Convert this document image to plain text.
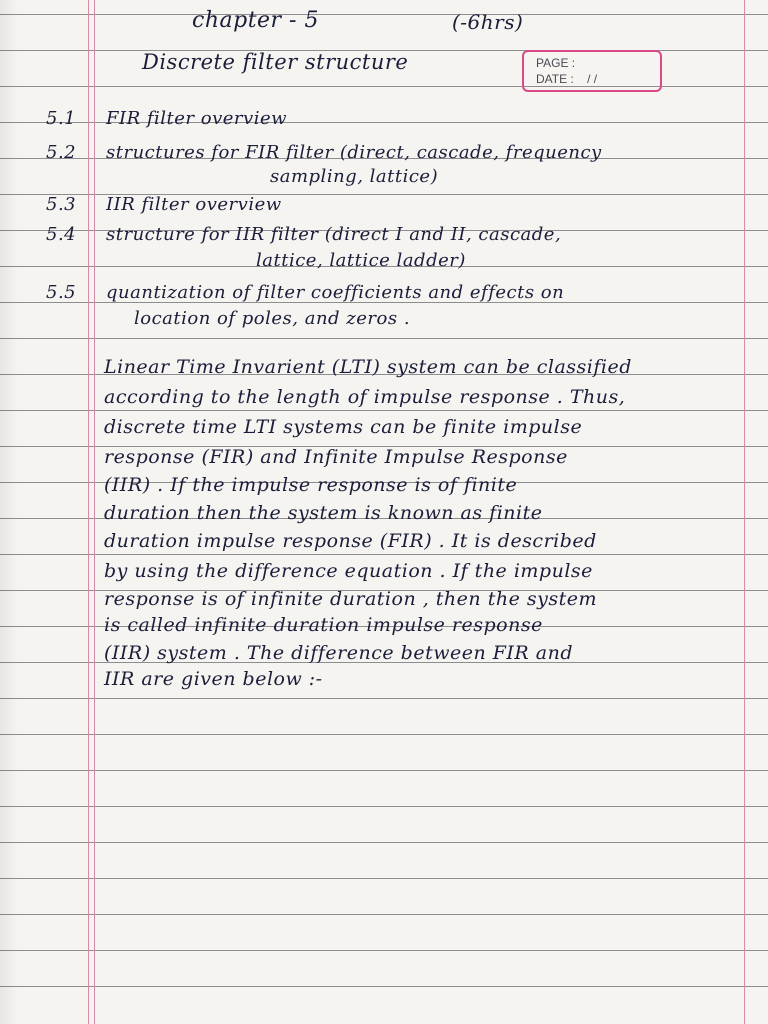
chapter - 5	(-6hrs)
Discrete filter structure	PAGE :
DATE : / /
5.1 FIR filter overview
5.2 structures for FIR filter (direct, cascade, frequency
sampling, lattice)
5.3 IIR filter overview
5.4 structure for IIR filter (direct I and II, cascade,
lattice, lattice ladder)
5.5 quantization of filter coefficients and effects on
location of poles, and zeros .
Linear Time Invarient (LTI) system can be classified
according to the length of impulse response . Thus,
discrete time LTI systems can be finite impulse
response (FIR) and Infinite Impulse Response
(IIR) . If the impulse response is of finite
duration then the system is known as finite
duration impulse response (FIR) . It is described
by using the difference equation . If the impulse
response is of infinite duration , then the system
is called infinite duration impulse response
(IIR) system . The difference between FIR and
IIR are given below :-
